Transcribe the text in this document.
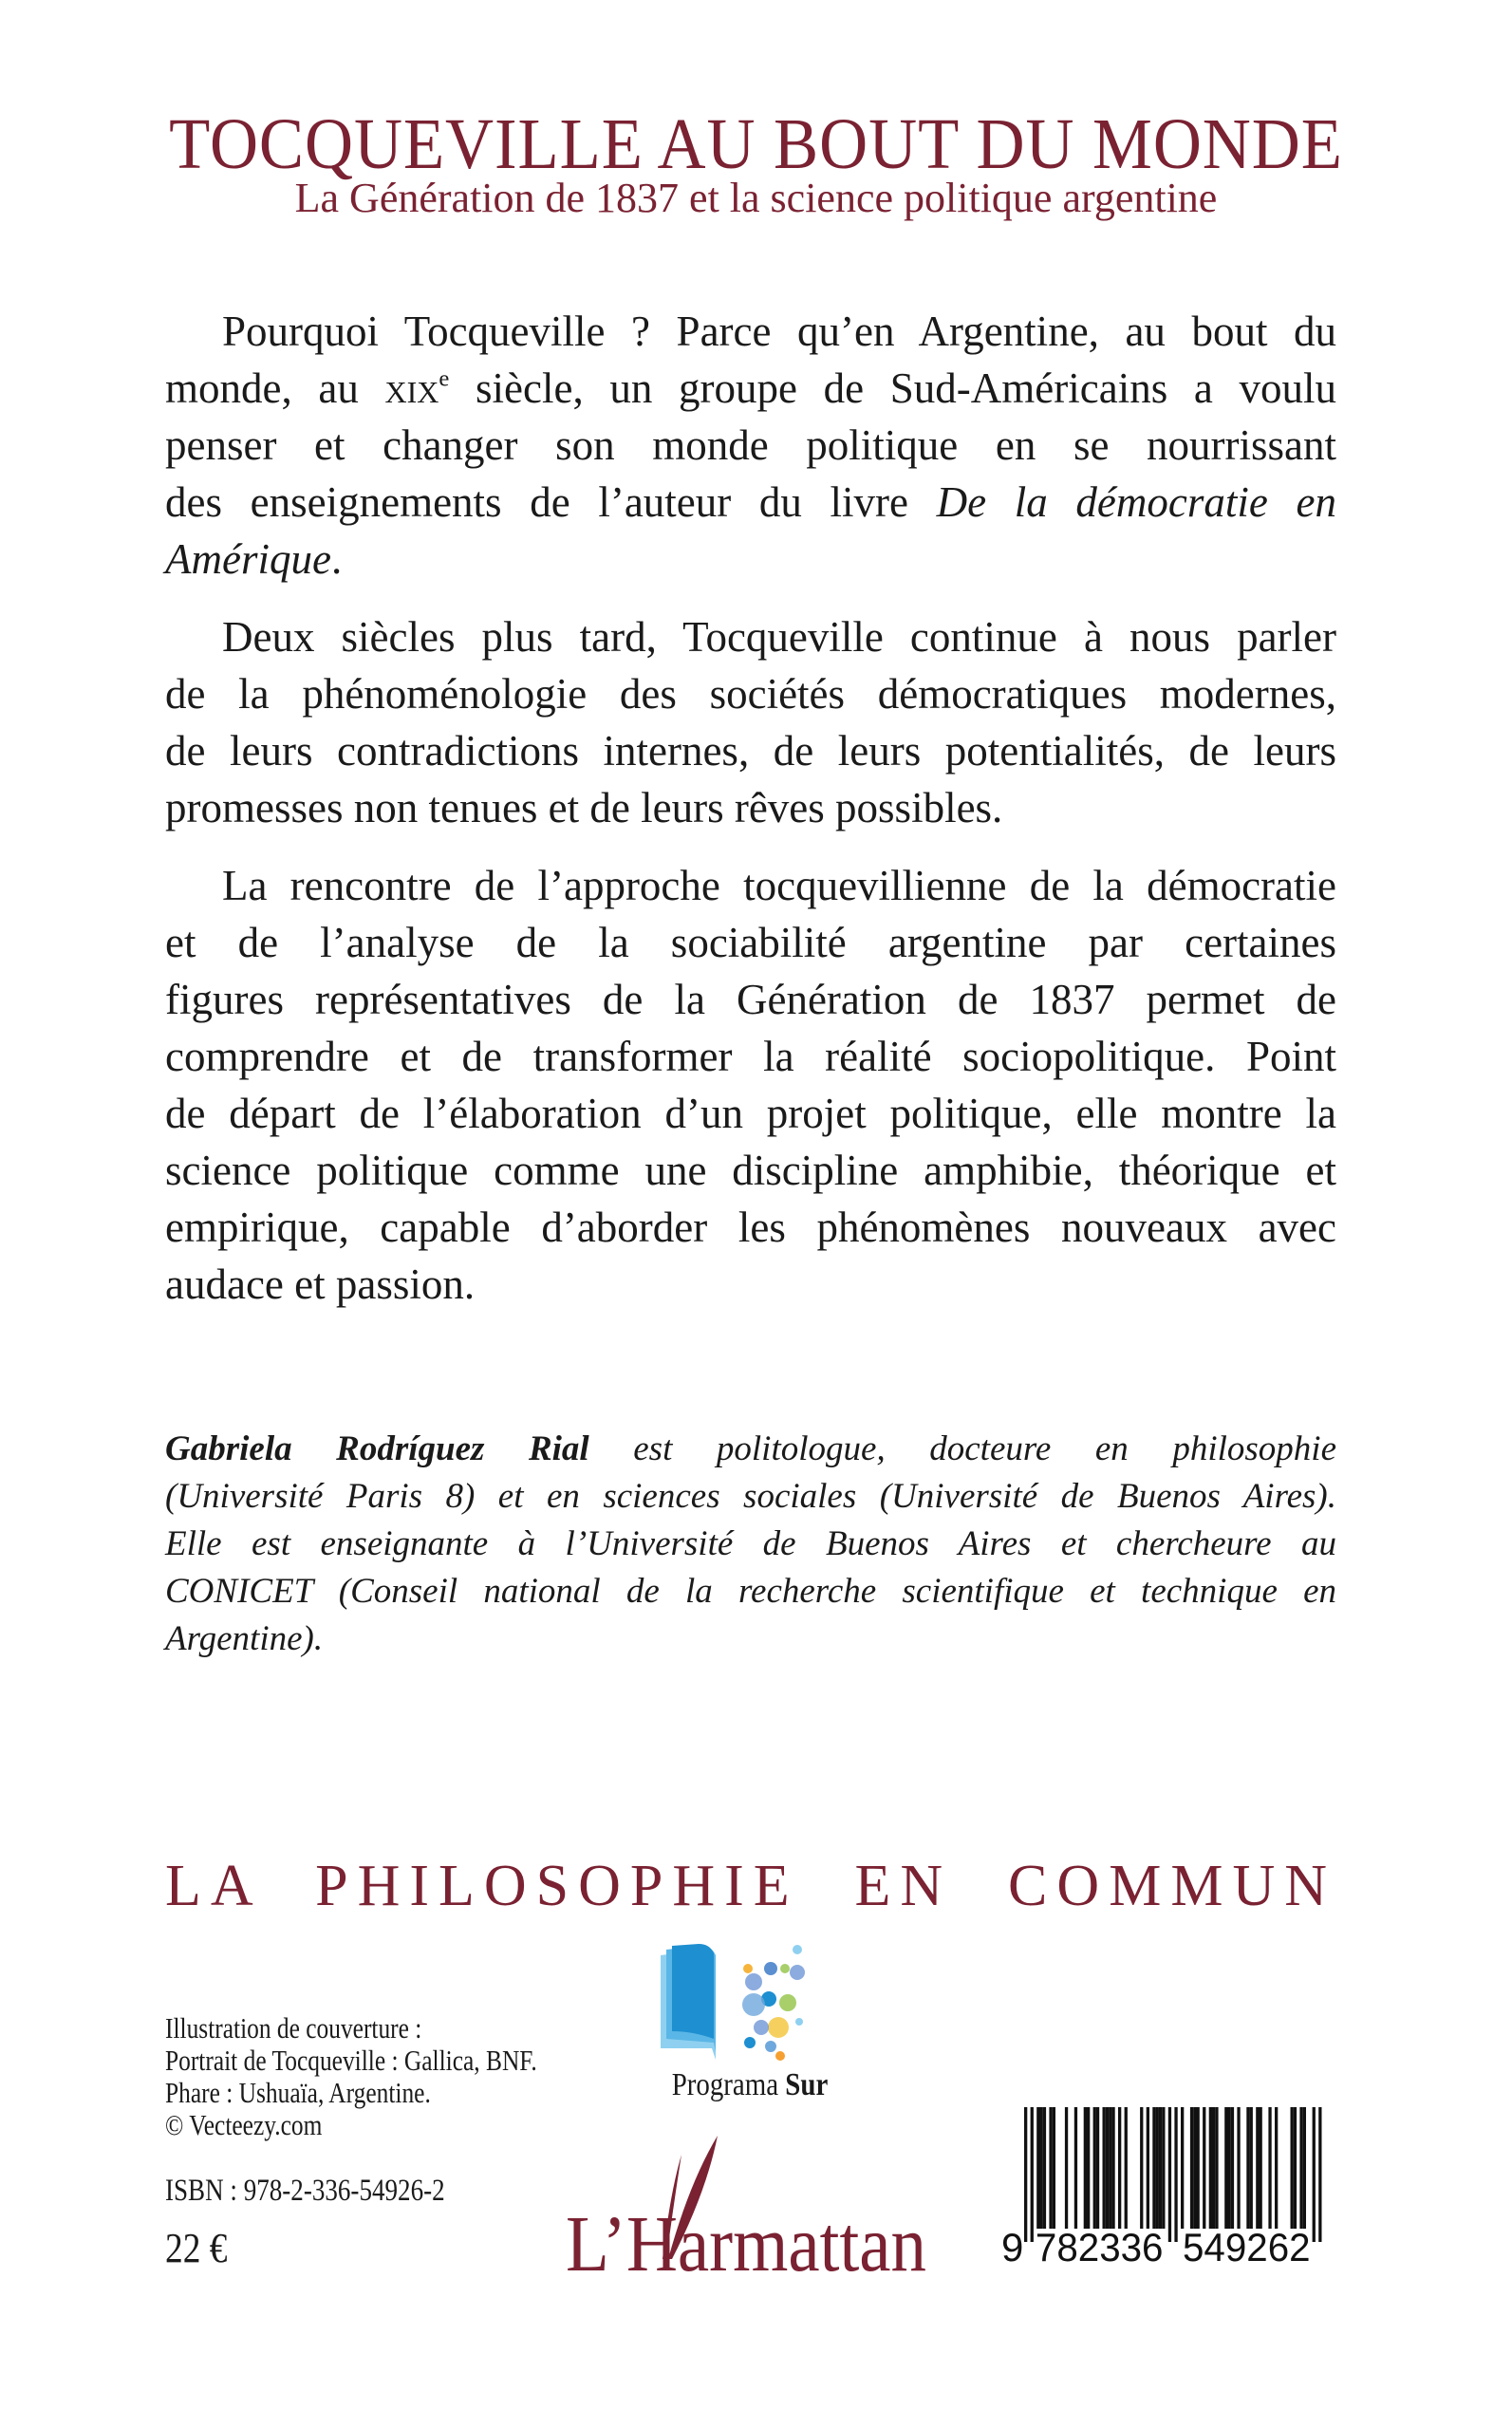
TOCQUEVILLE AU BOUT DU MONDE
La Génération de 1837 et la science politique argentine
Pourquoi Tocqueville ? Parce qu’en Argentine, au bout du
monde, au xix$^e$ siècle, un groupe de Sud-Américains a voulu
penser et changer son monde politique en se nourrissant
des enseignements de l’auteur du livre De la démocratie en
Amérique.
Deux siècles plus tard, Tocqueville continue à nous parler
de la phénoménologie des sociétés démocratiques modernes,
de leurs contradictions internes, de leurs potentialités, de leurs
promesses non tenues et de leurs rêves possibles.
La rencontre de l’approche tocquevillienne de la démocratie
et de l’analyse de la sociabilité argentine par certaines
figures représentatives de la Génération de 1837 permet de
comprendre et de transformer la réalité sociopolitique. Point
de départ de l’élaboration d’un projet politique, elle montre la
science politique comme une discipline amphibie, théorique et
empirique, capable d’aborder les phénomènes nouveaux avec
audace et passion.
Gabriela Rodríguez Rial est politologue, docteure en philosophie
(Université Paris 8) et en sciences sociales (Université de Buenos Aires).
Elle est enseignante à l’Université de Buenos Aires et chercheure au
CONICET (Conseil national de la recherche scientifique et technique en
Argentine).
LA PHILOSOPHIE EN COMMUN
Illustration de couverture :
Portrait de Tocqueville : Gallica, BNF.
Phare : Ushuaïa, Argentine.
© Vecteezy.com
ISBN : 978-2-336-54926-2
22 €
Programa Sur
L’Harmattan 9 782336 549262
